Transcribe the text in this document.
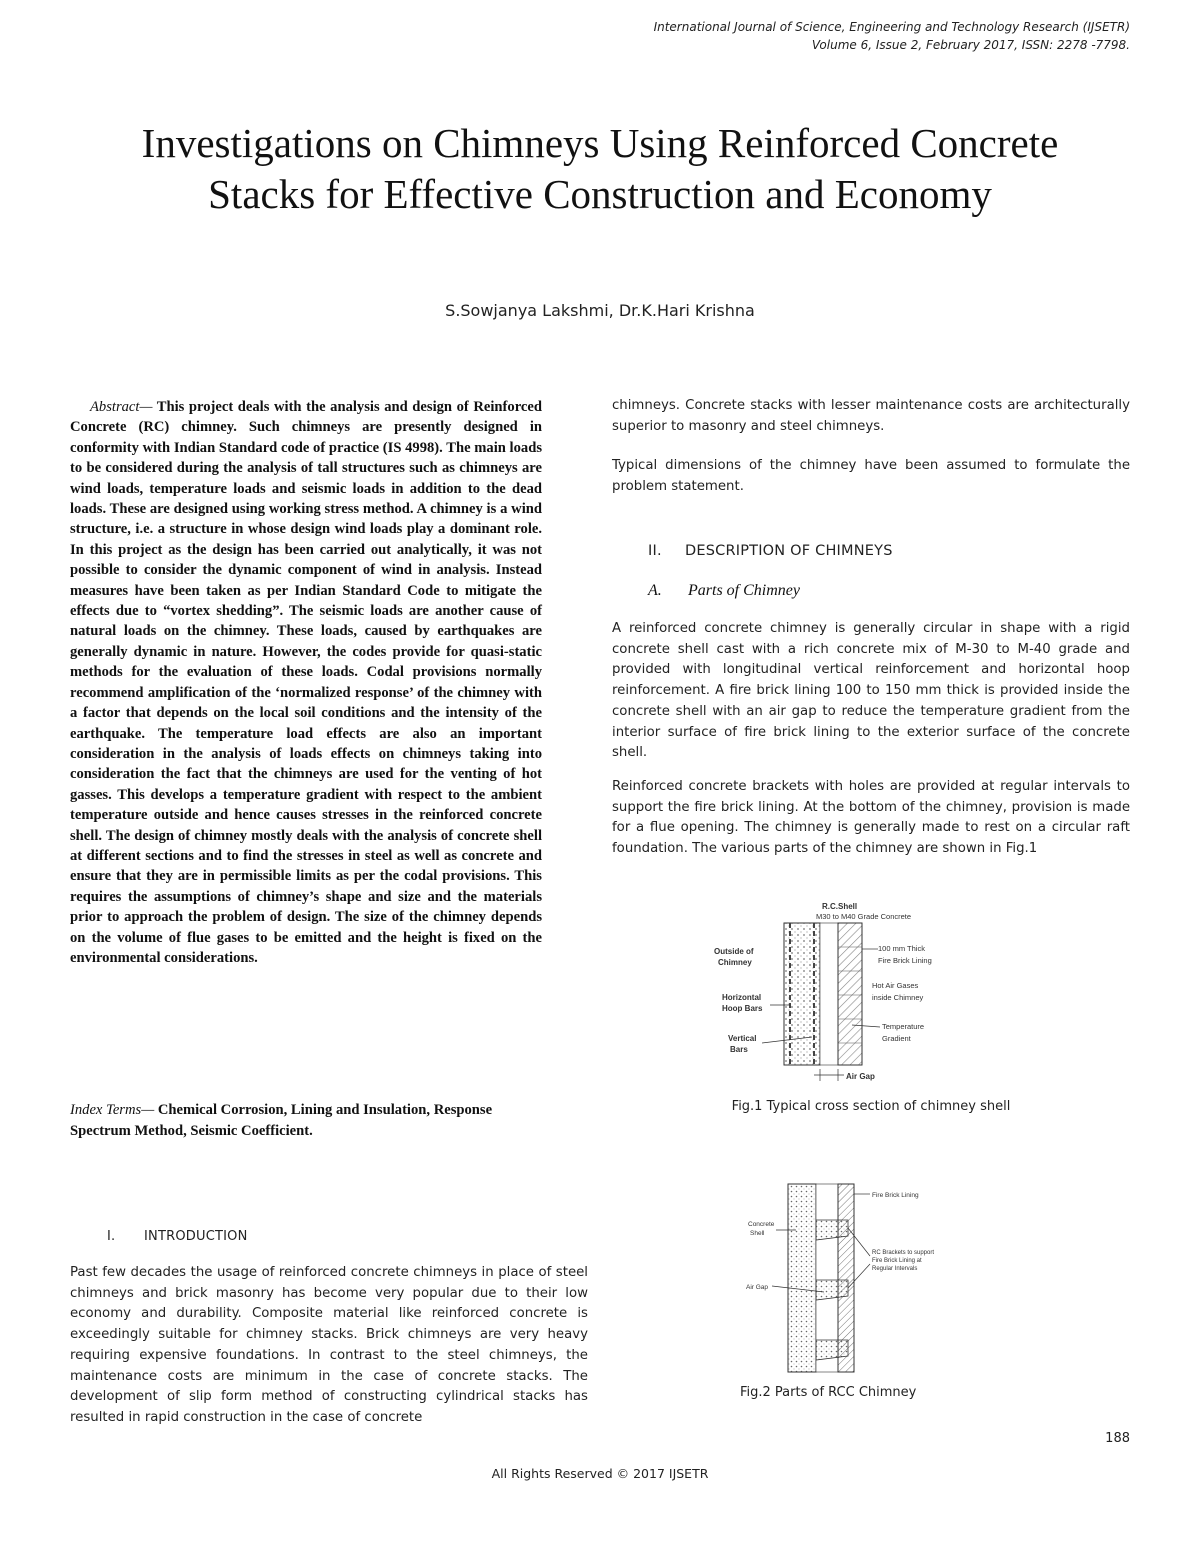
International Journal of Science, Engineering and Technology Research (IJSETR)
Volume 6, Issue 2, February 2017, ISSN: 2278 -7798.
Investigations on Chimneys Using Reinforced Concrete
Stacks for Effective Construction and Economy
S.Sowjanya Lakshmi, Dr.K.Hari Krishna

Abstract— This project deals with the analysis and design of Reinforced Concrete (RC) chimney. Such chimneys are presently designed in conformity with Indian Standard code of practice (IS 4998). The main loads to be considered during the analysis of tall structures such as chimneys are wind loads, temperature loads and seismic loads in addition to the dead loads. These are designed using working stress method. A chimney is a wind structure, i.e. a structure in whose design wind loads play a dominant role. In this project as the design has been carried out analytically, it was not possible to consider the dynamic component of wind in analysis. Instead measures have been taken as per Indian Standard Code to mitigate the effects due to “vortex shedding”. The seismic loads are another cause of natural loads on the chimney. These loads, caused by earthquakes are generally dynamic in nature. However, the codes provide for quasi-static methods for the evaluation of these loads. Codal provisions normally recommend amplification of the ‘normalized response’ of the chimney with a factor that depends on the local soil conditions and the intensity of the earthquake. The temperature load effects are also an important consideration in the analysis of loads effects on chimneys taking into consideration the fact that the chimneys are used for the venting of hot gasses. This develops a temperature gradient with respect to the ambient temperature outside and hence causes stresses in the reinforced concrete shell. The design of chimney mostly deals with the analysis of concrete shell at different sections and to find the stresses in steel as well as concrete and ensure that they are in permissible limits as per the codal provisions. This requires the assumptions of chimney’s shape and size and the materials prior to approach the problem of design. The size of the chimney depends on the volume of flue gases to be emitted and the height is fixed on the environmental considerations.

Index Terms— Chemical Corrosion, Lining and Insulation, Response Spectrum Method, Seismic Coefficient.

I. INTRODUCTION

Past few decades the usage of reinforced concrete chimneys in place of steel chimneys and brick masonry has become very popular due to their low economy and durability. Composite material like reinforced concrete is exceedingly suitable for chimney stacks. Brick chimneys are very heavy requiring expensive foundations. In contrast to the steel chimneys, the maintenance costs are minimum in the case of concrete stacks. The development of slip form method of constructing cylindrical stacks has resulted in rapid construction in the case of concrete

chimneys. Concrete stacks with lesser maintenance costs are architecturally superior to masonry and steel chimneys.

Typical dimensions of the chimney have been assumed to formulate the problem statement.

II. DESCRIPTION OF CHIMNEYS
A. Parts of Chimney

A reinforced concrete chimney is generally circular in shape with a rigid concrete shell cast with a rich concrete mix of M-30 to M-40 grade and provided with longitudinal vertical reinforcement and horizontal hoop reinforcement. A fire brick lining 100 to 150 mm thick is provided inside the concrete shell with an air gap to reduce the temperature gradient from the interior surface of fire brick lining to the exterior surface of the concrete shell.

Reinforced concrete brackets with holes are provided at regular intervals to support the fire brick lining. At the bottom of the chimney, provision is made for a flue opening. The chimney is generally made to rest on a circular raft foundation. The various parts of the chimney are shown in Fig.1

R.C.Shell
M30 to M40 Grade Concrete
Outside of
Chimney
Horizontal
Hoop Bars
Vertical
Bars
100 mm Thick
Fire Brick Lining
Hot Air Gases
inside Chimney
Temperature
Gradient
Air Gap
Fig.1 Typical cross section of chimney shell
Fire Brick Lining
Concrete
Shell
RC Brackets to support
Fire Brick Lining at
Regular Intervals
Air Gap
Fig.2 Parts of RCC Chimney
188
All Rights Reserved © 2017 IJSETR
